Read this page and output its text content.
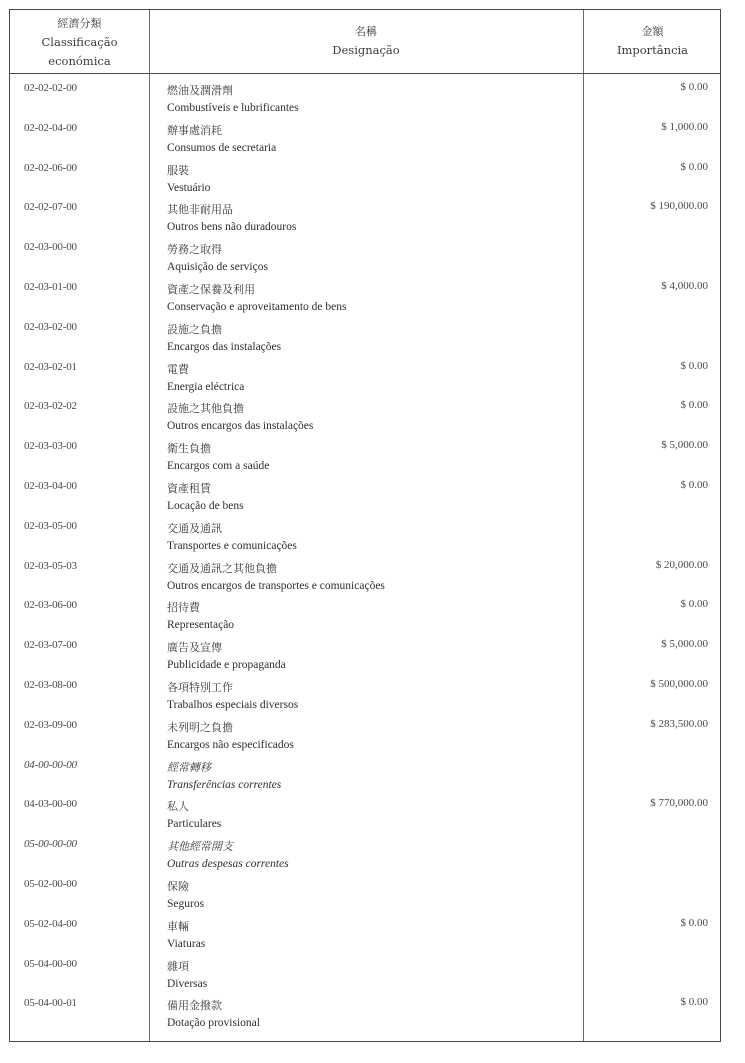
經濟分類
Classificação
económica
名稱
Designação
金額
Importância
02-02-02-00	燃油及潤滑劑
Combustíveis e lubrificantes
$ 0.00
02-02-04-00	辦事處消耗
Consumos de secretaria
$ 1,000.00
02-02-06-00	服裝
Vestuário
$ 0.00
02-02-07-00	其他非耐用品
Outros bens não duradouros
$ 190,000.00
02-03-00-00	勞務之取得
Aquisição de serviços
02-03-01-00	資產之保養及利用
Conservação e aproveitamento de bens
$ 4,000.00
02-03-02-00	設施之負擔
Encargos das instalações
02-03-02-01	電費
Energia eléctrica
$ 0.00
02-03-02-02	設施之其他負擔
Outros encargos das instalações
$ 0.00
02-03-03-00	衛生負擔
Encargos com a saúde
$ 5,000.00
02-03-04-00	資產租賃
Locação de bens
$ 0.00
02-03-05-00	交通及通訊
Transportes e comunicações
02-03-05-03	交通及通訊之其他負擔
Outros encargos de transportes e comunicações
$ 20,000.00
02-03-06-00	招待費
Representação
$ 0.00
02-03-07-00	廣告及宣傳
Publicidade e propaganda
$ 5,000.00
02-03-08-00	各項特別工作
Trabalhos especiais diversos
$ 500,000.00
02-03-09-00	未列明之負擔
Encargos não especificados
$ 283,500.00
04-00-00-00	經常轉移
Transferências correntes
04-03-00-00	私人
Particulares
$ 770,000.00
05-00-00-00	其他經常開支
Outras despesas correntes
05-02-00-00	保險
Seguros
05-02-04-00	車輛
Viaturas
$ 0.00
05-04-00-00	雜項
Diversas
05-04-00-01	備用金撥款
Dotação provisional
$ 0.00
